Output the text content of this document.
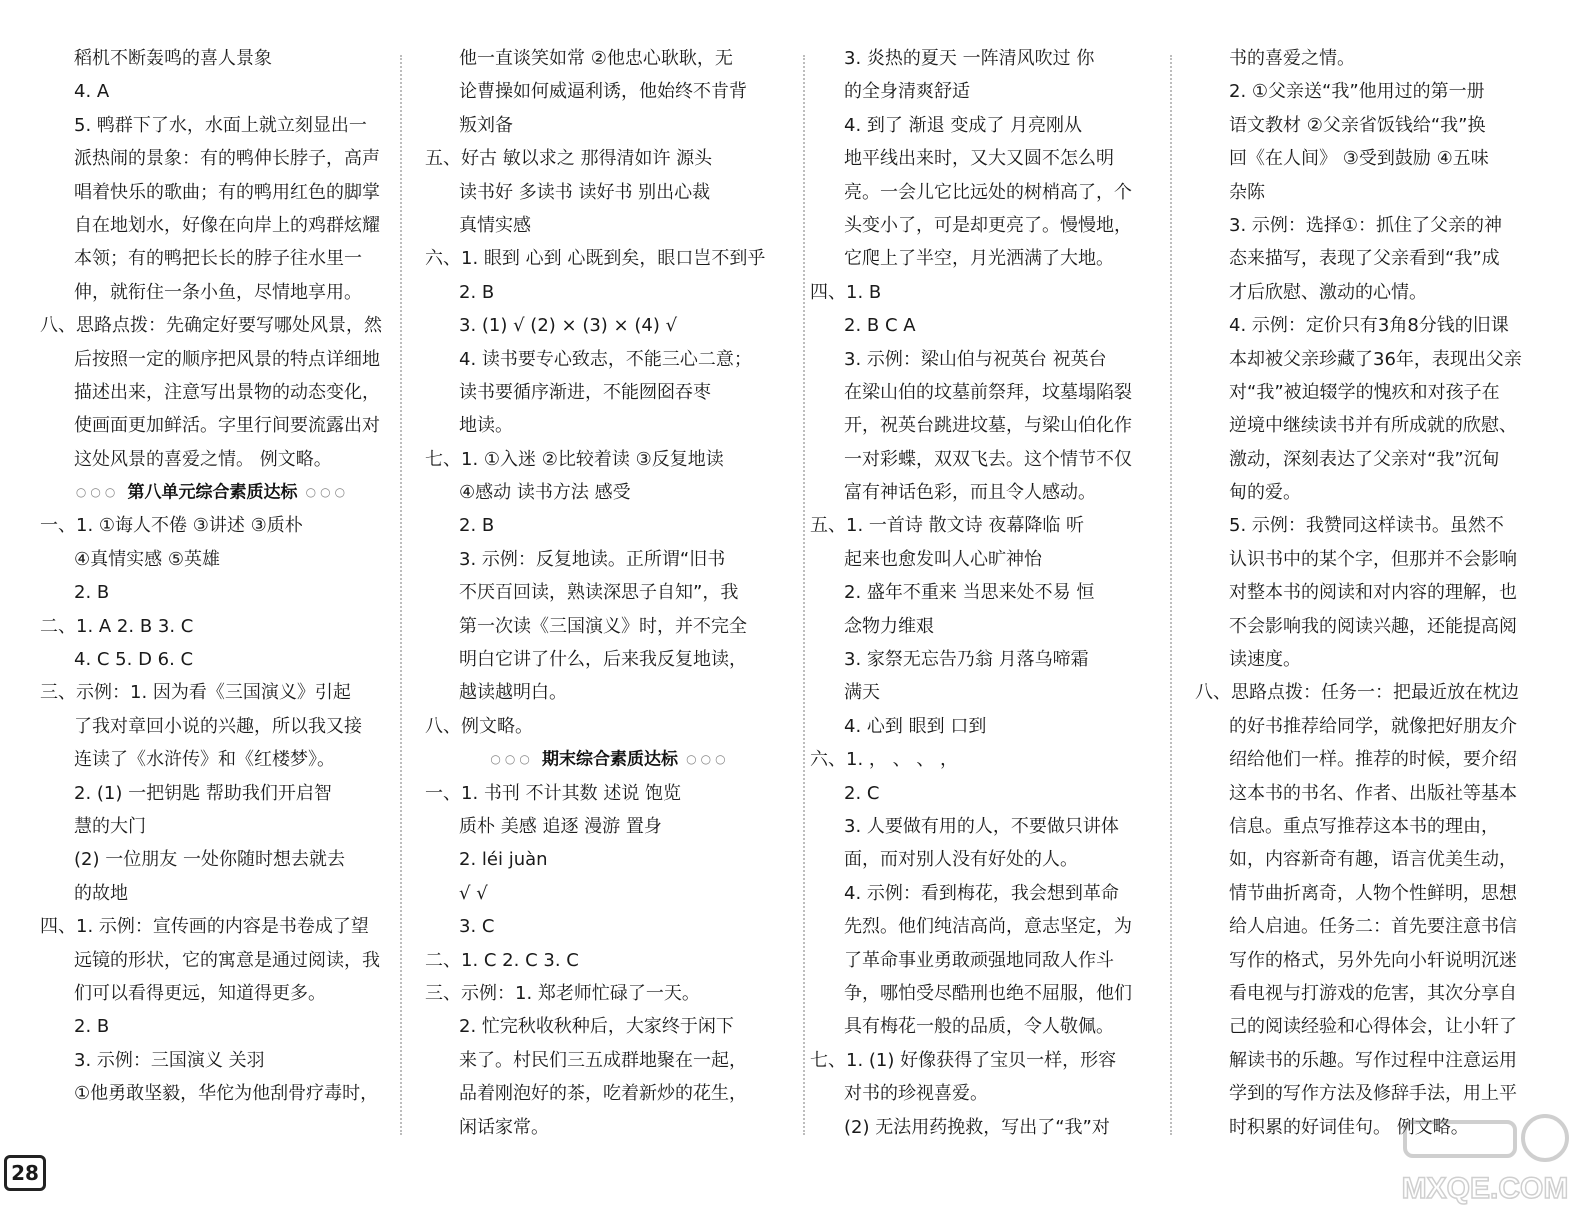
稻机不断轰鸣的喜人景象
4. A
5. 鸭群下了水，水面上就立刻显出一
派热闹的景象：有的鸭伸长脖子，高声
唱着快乐的歌曲；有的鸭用红色的脚掌
自在地划水，好像在向岸上的鸡群炫耀
本领；有的鸭把长长的脖子往水里一
伸，就衔住一条小鱼，尽情地享用。
八、思路点拨：先确定好要写哪处风景，然
后按照一定的顺序把风景的特点详细地
描述出来，注意写出景物的动态变化，
使画面更加鲜活。字里行间要流露出对
这处风景的喜爱之情。 例文略。
○○○ 第八单元综合素质达标 ○○○
一、1. ①诲人不倦 ③讲述 ③质朴
④真情实感 ⑤英雄
2. B
二、1. A 2. B 3. C
4. C 5. D 6. C
三、示例：1. 因为看《三国演义》引起
了我对章回小说的兴趣，所以我又接
连读了《水浒传》和《红楼梦》。
2. (1) 一把钥匙 帮助我们开启智
慧的大门
(2) 一位朋友 一处你随时想去就去
的故地
四、1. 示例：宣传画的内容是书卷成了望
远镜的形状，它的寓意是通过阅读，我
们可以看得更远，知道得更多。
2. B
3. 示例：三国演义 关羽
①他勇敢坚毅，华佗为他刮骨疗毒时，
他一直谈笑如常 ②他忠心耿耿，无
论曹操如何威逼利诱，他始终不肯背
叛刘备
五、好古 敏以求之 那得清如许 源头
读书好 多读书 读好书 别出心裁
真情实感
六、1. 眼到 心到 心既到矣，眼口岂不到乎
2. B
3. (1) √ (2) × (3) × (4) √
4. 读书要专心致志，不能三心二意；
读书要循序渐进，不能囫囵吞枣
地读。
七、1. ①入迷 ②比较着读 ③反复地读
④感动 读书方法 感受
2. B
3. 示例：反复地读。正所谓“旧书
不厌百回读，熟读深思子自知”，我
第一次读《三国演义》时，并不完全
明白它讲了什么，后来我反复地读，
越读越明白。
八、例文略。
○○○ 期末综合素质达标 ○○○
一、1. 书刊 不计其数 述说 饱览
质朴 美感 追逐 漫游 置身
2. léi juàn
√ √
3. C
二、1. C 2. C 3. C
三、示例：1. 郑老师忙碌了一天。
2. 忙完秋收秋种后，大家终于闲下
来了。村民们三五成群地聚在一起，
品着刚泡好的茶，吃着新炒的花生，
闲话家常。
3. 炎热的夏天 一阵清风吹过 你
的全身清爽舒适
4. 到了 渐退 变成了 月亮刚从
地平线出来时，又大又圆不怎么明
亮。一会儿它比远处的树梢高了，个
头变小了，可是却更亮了。慢慢地，
它爬上了半空，月光洒满了大地。
四、1. B
2. B C A
3. 示例：梁山伯与祝英台 祝英台
在梁山伯的坟墓前祭拜，坟墓塌陷裂
开，祝英台跳进坟墓，与梁山伯化作
一对彩蝶，双双飞去。这个情节不仅
富有神话色彩，而且令人感动。
五、1. 一首诗 散文诗 夜幕降临 听
起来也愈发叫人心旷神怡
2. 盛年不重来 当思来处不易 恒
念物力维艰
3. 家祭无忘告乃翁 月落乌啼霜
满天
4. 心到 眼到 口到
六、1. ， 、 、 ，
2. C
3. 人要做有用的人，不要做只讲体
面，而对别人没有好处的人。
4. 示例：看到梅花，我会想到革命
先烈。他们纯洁高尚，意志坚定，为
了革命事业勇敢顽强地同敌人作斗
争，哪怕受尽酷刑也绝不屈服，他们
具有梅花一般的品质，令人敬佩。
七、1. (1) 好像获得了宝贝一样，形容
对书的珍视喜爱。
(2) 无法用药挽救，写出了“我”对
书的喜爱之情。
2. ①父亲送“我”他用过的第一册
语文教材 ②父亲省饭钱给“我”换
回《在人间》 ③受到鼓励 ④五味
杂陈
3. 示例：选择①：抓住了父亲的神
态来描写，表现了父亲看到“我”成
才后欣慰、激动的心情。
4. 示例：定价只有3角8分钱的旧课
本却被父亲珍藏了36年，表现出父亲
对“我”被迫辍学的愧疚和对孩子在
逆境中继续读书并有所成就的欣慰、
激动，深刻表达了父亲对“我”沉甸
甸的爱。
5. 示例：我赞同这样读书。虽然不
认识书中的某个字，但那并不会影响
对整本书的阅读和对内容的理解，也
不会影响我的阅读兴趣，还能提高阅
读速度。
八、思路点拨：任务一：把最近放在枕边
的好书推荐给同学，就像把好朋友介
绍给他们一样。推荐的时候，要介绍
这本书的书名、作者、出版社等基本
信息。重点写推荐这本书的理由，
如，内容新奇有趣，语言优美生动，
情节曲折离奇，人物个性鲜明，思想
给人启迪。任务二：首先要注意书信
写作的格式，另外先向小轩说明沉迷
看电视与打游戏的危害，其次分享自
己的阅读经验和心得体会，让小轩了
解读书的乐趣。写作过程中注意运用
学到的写作方法及修辞手法，用上平
时积累的好词佳句。 例文略。
28	MXQE.COM
